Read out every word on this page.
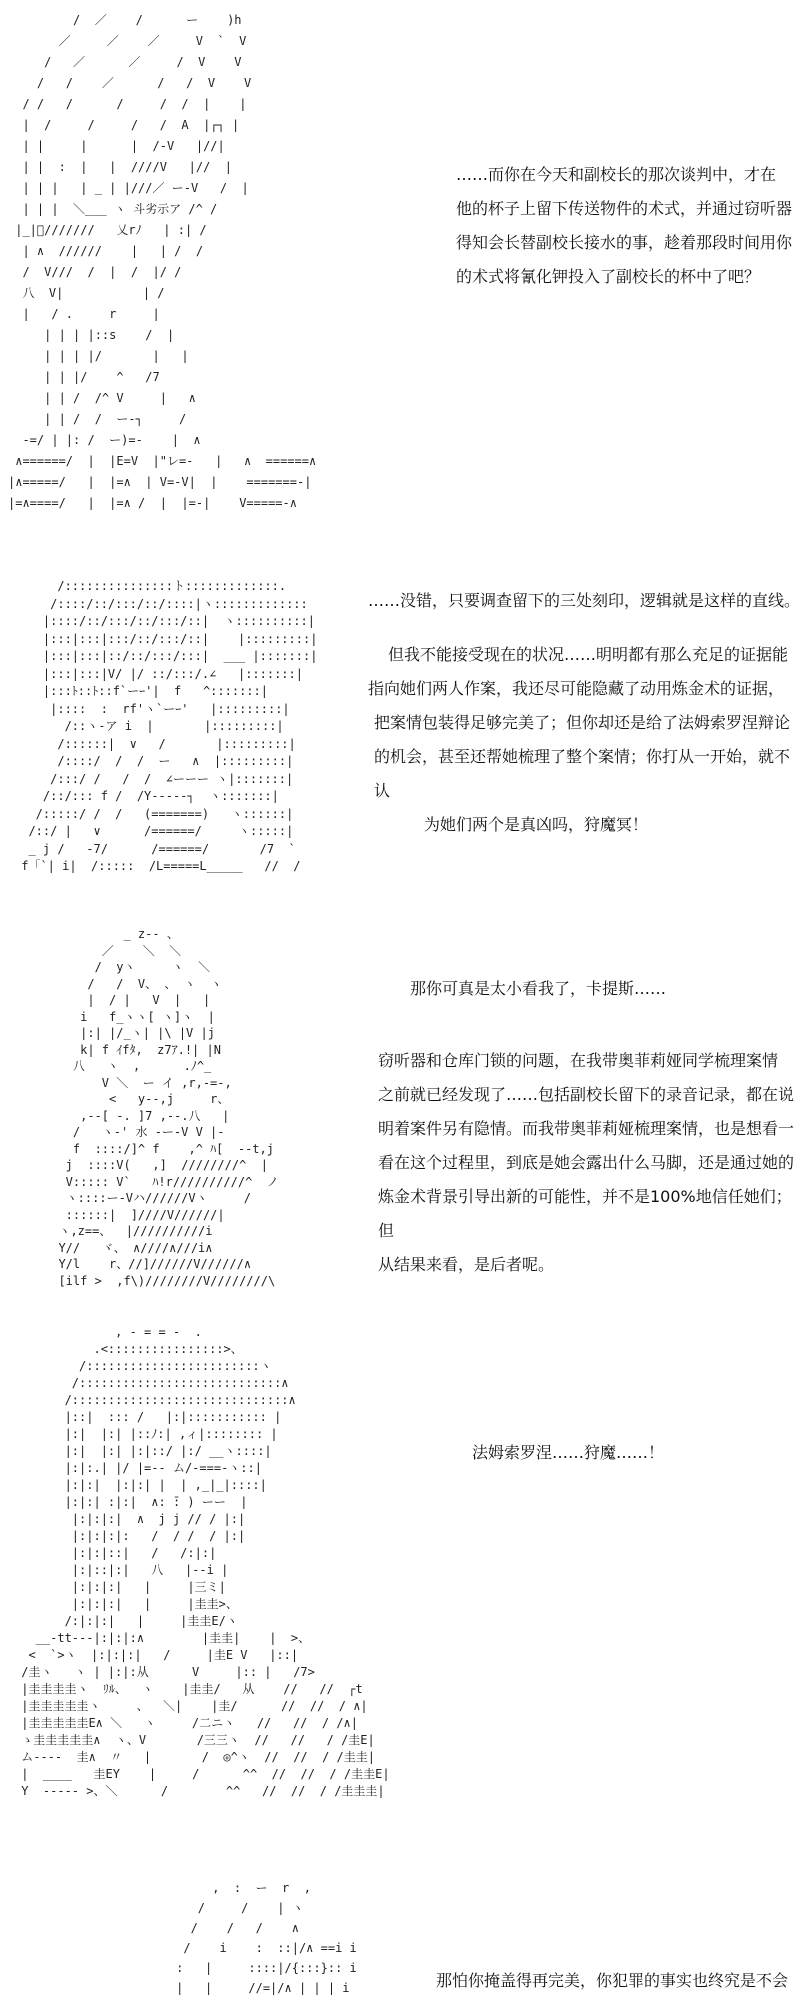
/  ／    /      ー    )h
／     ／    ／     V  `  V
/   ／      ／     /  V    V
/   /    ／      /   /  V    V
/ /   /      /     /  /  |    |
|  /     /     /   /  A  |┌┐ |
| |     |      |  /-V   |//|
| |  :  |   |  ////V   |//  |
| | |   | _ | |///／ ー-V   /  |
| | |  ＼___ ヽ 斗劣示ア /^ /
|_|ﾟ///////   乂rﾉ   | :| /
| ∧  //////    |   | /  /
/  V///  /  |  /  |/ /
八  V|           | /
|   / .     r     |
| | | |::s    /  |
| | | |/       |   |
| | |/    ^   /7
| | /  /^ V     |   ∧
| | /  /  ー-┐     /
-=/ | |: /  ー)=-    |  ∧
∧======/  |  |E=V  |"レ=-   |   ∧  ======∧
|∧=====/   |  |=∧  | V=-V|  |    =======-|
|=∧====/   |  |=∧ /  |  |=-|    V=====-∧

……而你在今天和副校长的那次谈判中，才在

他的杯子上留下传送物件的术式，并通过窃听器

得知会长替副校长接水的事，趁着那段时间用你

的术式将氰化钾投入了副校长的杯中了吧？

/:::::::::::::::ト:::::::::::::.
/::::/::/:::/::/::::|ヽ:::::::::::::
|::::/::/:::/::/:::/::|  ヽ::::::::::|
|:::|:::|:::/::/:::/::|    |:::::::::|
|:::|:::|::/::/:::/:::|  ___ |:::::::|
|:::|:::|V/ |/ ::/:::/.∠   |:::::::|
|:::ﾄ::ﾄ::f`ーｰ'|  f   ^:::::::|
|::::  :  rf'ヽ`ーｰ'   |:::::::::|
/::ヽ-ア i  |       |:::::::::|
/::::::|  ∨   /       |:::::::::|
/::::/  /  /  ー   ∧  |:::::::::|
/:::/ /   /  /  ∠ーーー ヽ|:::::::|
/::/::: f /  /Y-----┐  ヽ:::::::|
/:::::/ /  /   (=======)   ヽ::::::|
/::/ |   ∨      /======/     ヽ:::::|
_ j /   -7/      /======/       /7  `
f「`| i|  /:::::  /L=====L_____   //  /

……没错，只要调查留下的三处刻印，逻辑就是这样的直线。

但我不能接受现在的状况……明明都有那么充足的证据能

指向她们两人作案，我还尽可能隐藏了动用炼金术的证据，

把案情包装得足够完美了；但你却还是给了法姆索罗涅辩论

的机会，甚至还帮她梳理了整个案情；你打从一开始，就不认

为她们两个是真凶吗，狩魔冥！

_ z-- 、
／    ＼  ＼
/  yヽ     ヽ  ＼
/   /  V、 、 ヽ  ヽ
|  / |   V  |   |
i   f_ヽヽ[ ヽ]ヽ  |
|:| |/_ヽ| |\ |V |j
k| f ｲfﾀ,  z7ｱ.!| |N
八   ヽ  ,      .ﾉ^_
V ＼  ー イ ,r,-=-,
<   y--,j     r、
,--[ -. ]7 ,--.八   |
/   ヽ-' 水 -ー-V V |-
f  ::::/]^ f    ,^ ﾊ[  --t,j
j  ::::V(   ,]  ////////^  |
V::::: V`   ﾊ!r//////////^  ノ
ヽ::::ー-Vハ//////Vヽ     /
::::::|  ]////V//////|
ヽ,z==、  |//////////i
Y//   ヾ、 ∧////∧///i∧
Y/l    r、//]//////V//////∧
[ilf >  ,f\)////////V////////\

那你可真是太小看我了，卡提斯……

窃听器和仓库门锁的问题，在我带奥菲莉娅同学梳理案情

之前就已经发现了……包括副校长留下的录音记录，都在说

明着案件另有隐情。而我带奥菲莉娅梳理案情，也是想看一

看在这个过程里，到底是她会露出什么马脚，还是通过她的

炼金术背景引导出新的可能性，并不是100%地信任她们；但

从结果来看，是后者呢。

, - = = -  .
.<::::::::::::::::>、
/::::::::::::::::::::::::ヽ
/::::::::::::::::::::::::::::∧
/::::::::::::::::::::::::::::::∧
|::|  ::: /   |:|::::::::::: |
|:|  |:| |::ﾉ:| ,ィ|:::::::: |
|:|  |:| |:|::/ |:/ __ヽ::::|
|:|:.| |/ |=-- ム/-===-ヽ::|
|:|:|  |:|:| |  | ,_|_|::::|
|:|:| :|:|  ∧: ̄: ) ーー  |
|:|:|:|  ∧  j j // / |:|
|:|:|:|:   /  / /  / |:|
|:|:|::|   /   /:|:|
|:|::|:|   八   |--i |
|:|:|:|   |     |三ミ|
|:|:|:|   |     |圭圭>、
/:|:|:|   |     |圭圭E/ヽ
__-tt---|:|:|:∧        |圭圭|    |  >、
<  `>ヽ  |:|:|:|   /     |圭E V   |::|
/圭ヽ   ヽ | |:|:从      V     |:: |   /7>
|圭圭圭圭ヽ  ﾘﾙ、  ヽ    |圭圭/   从    //   //  ┌t
|圭圭圭圭圭ヽ     、  ＼|    |圭/      //  //  / ∧|
|圭圭圭圭圭E∧ ＼   ヽ     /二ニヽ   //   //  / /∧|
ゝ圭圭圭圭圭∧  ヽ、V       /三三ヽ  //   //   / /圭E|
ム----  圭∧  〃   |       /  ◎^ヽ  //  //  / /圭圭|
|  ____   圭EY    |     /      ^^  //  //  / /圭圭E|
Y  ----- >、＼      /        ^^   //  //  / /圭圭圭|

法姆索罗涅……狩魔……！

,  :  ー  r  ,
/     /    | ヽ
/    /   /    ∧
/    i    :  ::|/∧ ==i i
:   |     ::::|/{:::}:: i
|   |     //=|/∧ | | | i	那怕你掩盖得再完美，你犯罪的事实也终究是不会
